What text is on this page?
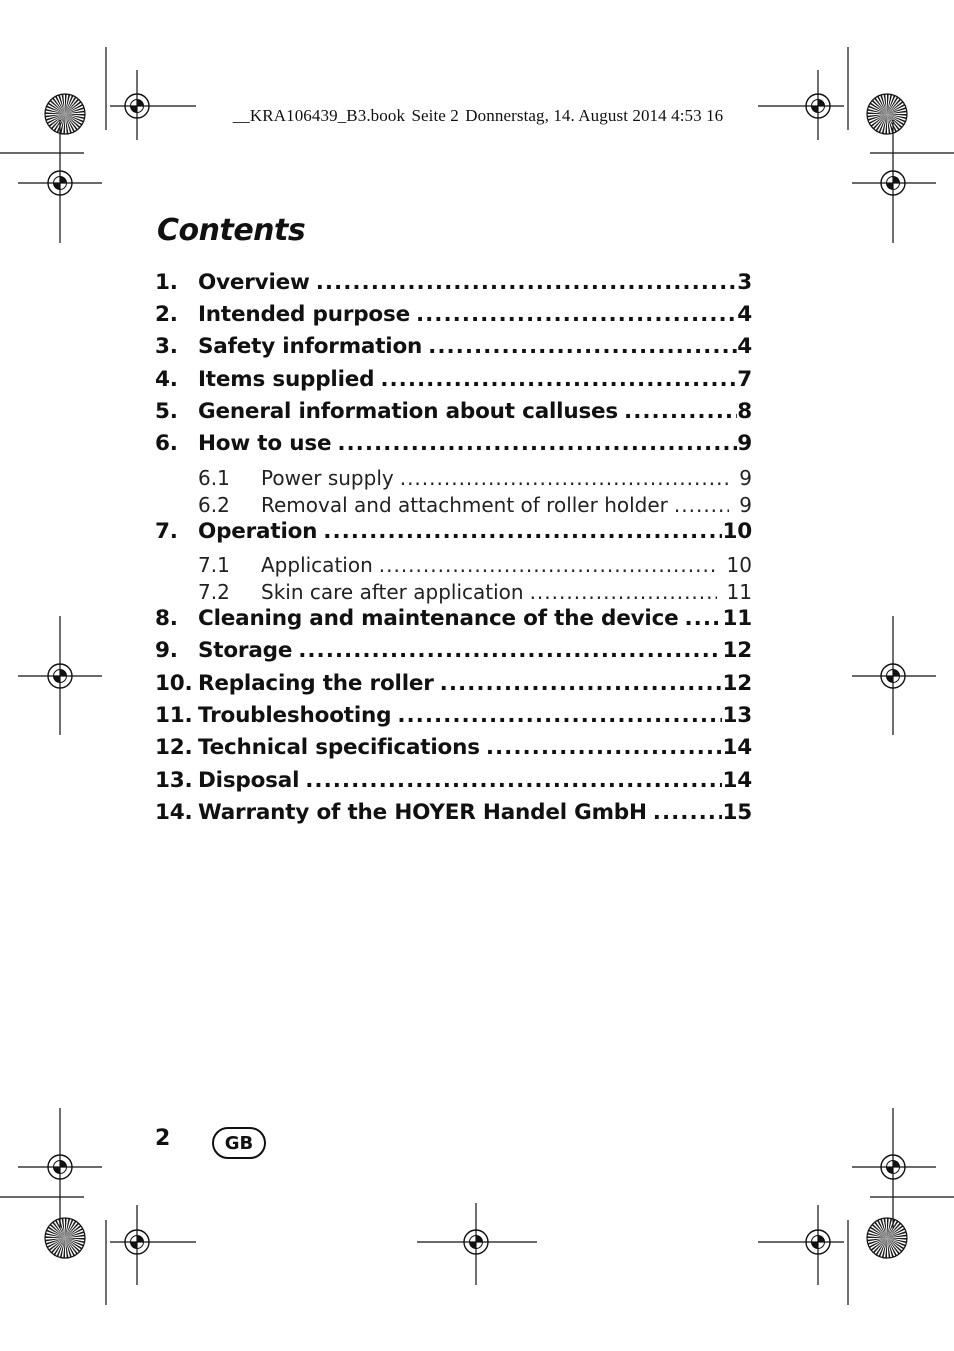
__KRA106439_B3.book Seite 2 Donnerstag, 14. August 2014 4:53 16
Contents
1. Overview .....	3
2. Intended purpose .....	4
3. Safety information .....	4
4. Items supplied .....	7
5. General information about calluses .....	8
6. How to use .....	9
6.1	Power supply .....	9
6.2	Removal and attachment of roller holder .....	9
7. Operation .....	10
7.1	Application .....	10
7.2	Skin care after application .....	11
8. Cleaning and maintenance of the device ..... 11
9. Storage .....	12
10. Replacing the roller .....	12
11. Troubleshooting .....	13
12. Technical specifications .....	14
13. Disposal .....	14
14. Warranty of the HOYER Handel GmbH .....	15
2	GB
